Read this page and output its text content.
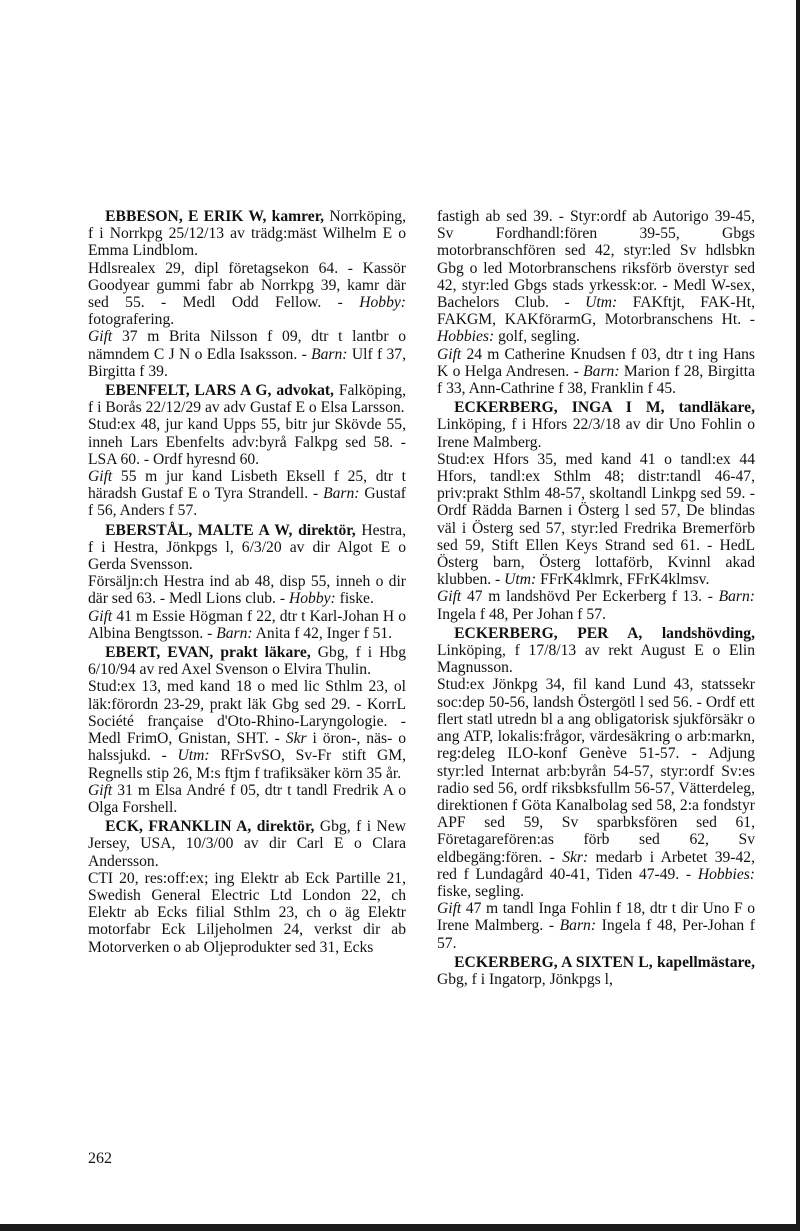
EBBESON, E ERIK W, kamrer, Norrköping, f i Norrkpg 25/12/13 av trädg:mäst Wilhelm E o Emma Lindblom.

Hdlsrealex 29, dipl företagsekon 64. - Kassör Goodyear gummi fabr ab Norrkpg 39, kamr där sed 55. - Medl Odd Fellow. - Hobby: fotografering.

Gift 37 m Brita Nilsson f 09, dtr t lantbr o nämndem C J N o Edla Isaksson. - Barn: Ulf f 37, Birgitta f 39.

EBENFELT, LARS A G, advokat, Falköping, f i Borås 22/12/29 av adv Gustaf E o Elsa Larsson.

Stud:ex 48, jur kand Upps 55, bitr jur Skövde 55, inneh Lars Ebenfelts adv:byrå Falkpg sed 58. - LSA 60. - Ordf hyresnd 60.

Gift 55 m jur kand Lisbeth Eksell f 25, dtr t häradsh Gustaf E o Tyra Strandell. - Barn: Gustaf f 56, Anders f 57.

EBERSTÅL, MALTE A W, direktör, Hestra, f i Hestra, Jönkpgs l, 6/3/20 av dir Algot E o Gerda Svensson.

Försäljn:ch Hestra ind ab 48, disp 55, inneh o dir där sed 63. - Medl Lions club. - Hobby: fiske.

Gift 41 m Essie Högman f 22, dtr t Karl-Johan H o Albina Bengtsson. - Barn: Anita f 42, Inger f 51.

EBERT, EVAN, prakt läkare, Gbg, f i Hbg 6/10/94 av red Axel Svenson o Elvira Thulin.

Stud:ex 13, med kand 18 o med lic Sthlm 23, ol läk:förordn 23-29, prakt läk Gbg sed 29. - KorrL Société française d'Oto-Rhino-Laryngologie. - Medl FrimO, Gnistan, SHT. - Skr i öron-, näs- o halssjukd. - Utm: RFrSvSO, Sv-Fr stift GM, Regnells stip 26, M:s ftjm f trafiksäker körn 35 år.

Gift 31 m Elsa André f 05, dtr t tandl Fredrik A o Olga Forshell.

ECK, FRANKLIN A, direktör, Gbg, f i New Jersey, USA, 10/3/00 av dir Carl E o Clara Andersson.

CTI 20, res:off:ex; ing Elektr ab Eck Partille 21, Swedish General Electric Ltd London 22, ch Elektr ab Ecks filial Sthlm 23, ch o äg Elektr motorfabr Eck Liljeholmen 24, verkst dir ab Motorverken o ab Oljeprodukter sed 31, Ecks

fastigh ab sed 39. - Styr:ordf ab Autorigo 39-45, Sv Fordhandl:fören 39-55, Gbgs motorbranschfören sed 42, styr:led Sv hdlsbkn Gbg o led Motorbranschens riksförb överstyr sed 42, styr:led Gbgs stads yrkessk:or. - Medl W-sex, Bachelors Club. - Utm: FAKftjt, FAK-Ht, FAKGM, KAKförarmG, Motorbranschens Ht. - Hobbies: golf, segling.

Gift 24 m Catherine Knudsen f 03, dtr t ing Hans K o Helga Andresen. - Barn: Marion f 28, Birgitta f 33, Ann-Cathrine f 38, Franklin f 45.

ECKERBERG, INGA I M, tandläkare, Linköping, f i Hfors 22/3/18 av dir Uno Fohlin o Irene Malmberg.

Stud:ex Hfors 35, med kand 41 o tandl:ex 44 Hfors, tandl:ex Sthlm 48; distr:tandl 46-47, priv:prakt Sthlm 48-57, skoltandl Linkpg sed 59. - Ordf Rädda Barnen i Österg l sed 57, De blindas väl i Österg sed 57, styr:led Fredrika Bremerförb sed 59, Stift Ellen Keys Strand sed 61. - HedL Österg barn, Österg lottaförb, Kvinnl akad klubben. - Utm: FFrK4klmrk, FFrK4klmsv.

Gift 47 m landshövd Per Eckerberg f 13. - Barn: Ingela f 48, Per Johan f 57.

ECKERBERG, PER A, landshövding, Linköping, f 17/8/13 av rekt August E o Elin Magnusson.

Stud:ex Jönkpg 34, fil kand Lund 43, statssekr soc:dep 50-56, landsh Östergötl l sed 56. - Ordf ett flert statl utredn bl a ang obligatorisk sjukförsäkr o ang ATP, lokalis:frågor, värdesäkring o arb:markn, reg:deleg ILO-konf Genève 51-57. - Adjung styr:led Internat arb:byrån 54-57, styr:ordf Sv:es radio sed 56, ordf riksbksfullm 56-57, Vätterdeleg, direktionen f Göta Kanalbolag sed 58, 2:a fondstyr APF sed 59, Sv sparbksfören sed 61, Företagarefören:as förb sed 62, Sv eldbegäng:fören. - Skr: medarb i Arbetet 39-42, red f Lundagård 40-41, Tiden 47-49. - Hobbies: fiske, segling.

Gift 47 m tandl Inga Fohlin f 18, dtr t dir Uno F o Irene Malmberg. - Barn: Ingela f 48, Per-Johan f 57.

ECKERBERG, A SIXTEN L, kapellmästare, Gbg, f i Ingatorp, Jönkpgs l,

262
